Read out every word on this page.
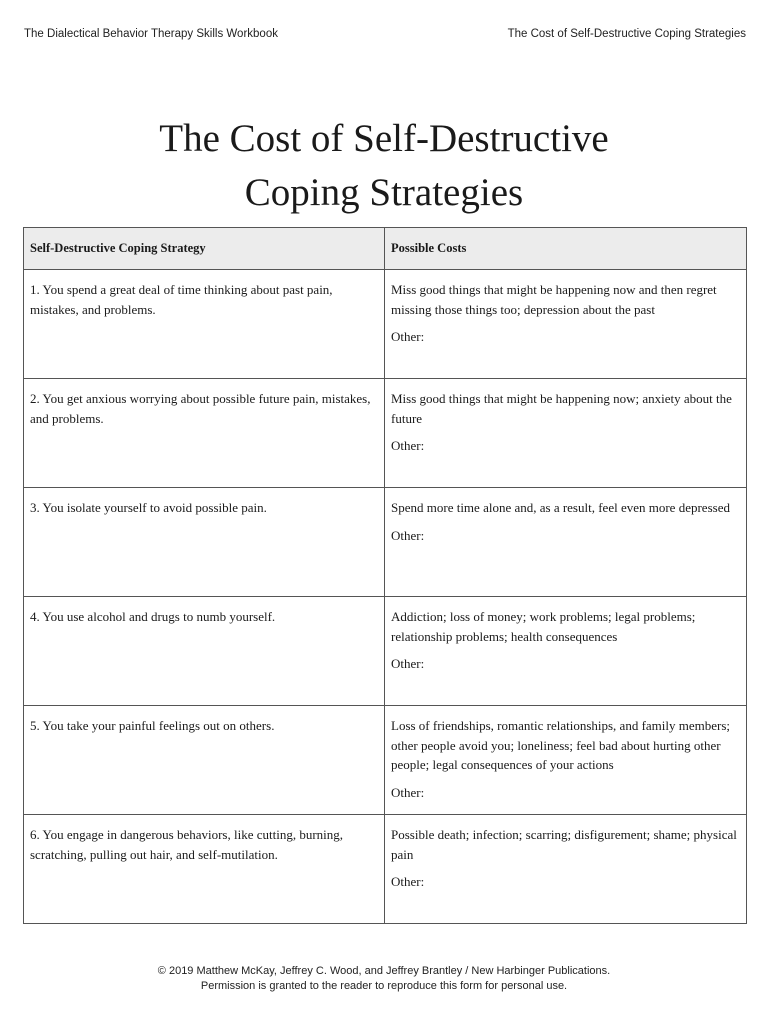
The Dialectical Behavior Therapy Skills Workbook	The Cost of Self-Destructive Coping Strategies
The Cost of Self-Destructive
Coping Strategies
Self-Destructive Coping Strategy	Possible Costs
1. You spend a great deal of time thinking about past pain, mistakes, and problems.	Miss good things that might be happening now and then regret missing those things too; depression about the past
Other:

2. You get anxious worrying about possible future pain, mistakes, and problems.	Miss good things that might be happening now; anxiety about the future
Other:

3. You isolate yourself to avoid possible pain.	Spend more time alone and, as a result, feel even more depressed
Other:

4. You use alcohol and drugs to numb yourself.	Addiction; loss of money; work problems; legal problems; relationship problems; health consequences
Other:

5. You take your painful feelings out on others.	Loss of friendships, romantic relationships, and family members; other people avoid you; loneliness; feel bad about hurting other people; legal consequences of your actions
Other:

6. You engage in dangerous behaviors, like cutting, burning, scratching, pulling out hair, and self-mutilation.	Possible death; infection; scarring; disfigurement; shame; physical pain
Other:
© 2019 Matthew McKay, Jeffrey C. Wood, and Jeffrey Brantley / New Harbinger Publications.
Permission is granted to the reader to reproduce this form for personal use.
